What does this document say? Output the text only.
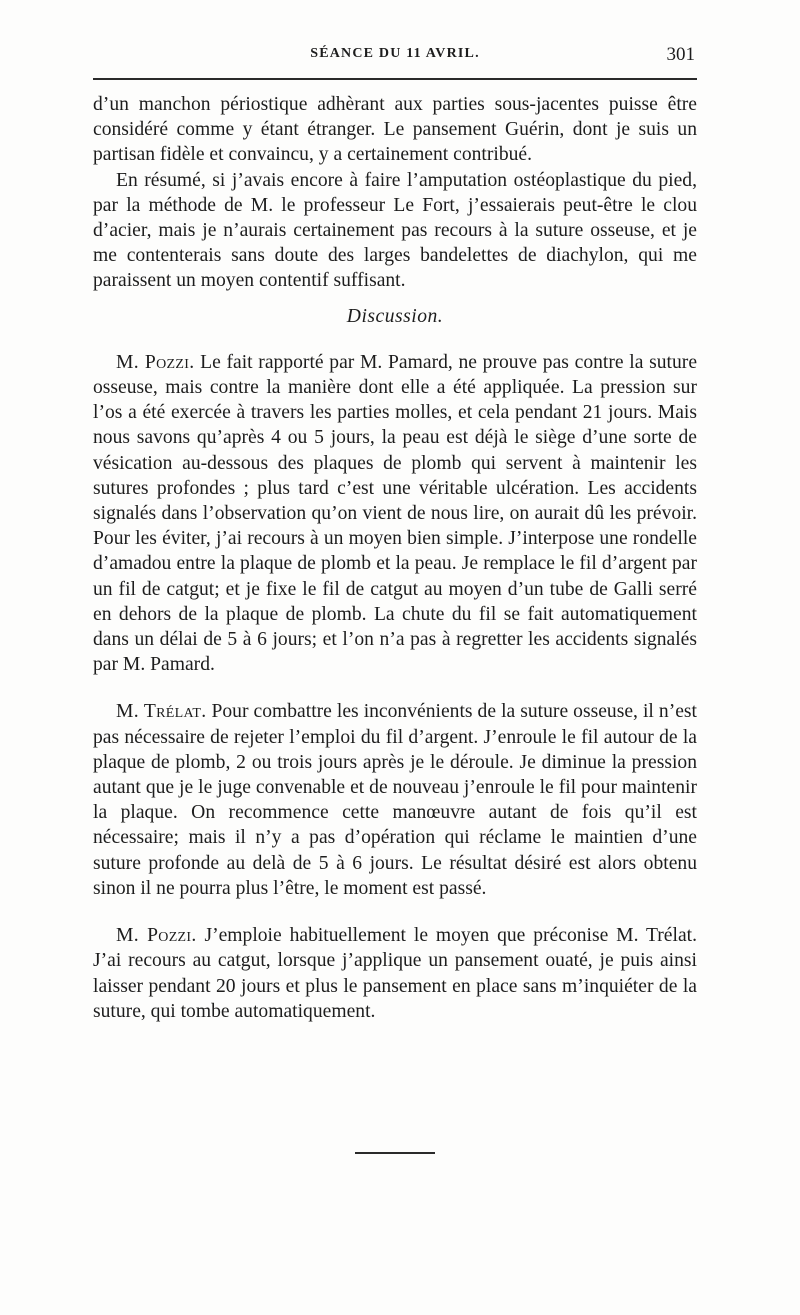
SÉANCE DU 11 AVRIL.	301

d’un manchon périostique adhèrant aux parties sous-jacentes puisse être considéré comme y étant étranger. Le pansement Guérin, dont je suis un partisan fidèle et convaincu, y a certainement contribué.

En résumé, si j’avais encore à faire l’amputation ostéoplastique du pied, par la méthode de M. le professeur Le Fort, j’essaierais peut-être le clou d’acier, mais je n’aurais certainement pas recours à la suture osseuse, et je me contenterais sans doute des larges bandelettes de diachylon, qui me paraissent un moyen contentif suffisant.

Discussion.

M. Pozzi. Le fait rapporté par M. Pamard, ne prouve pas contre la suture osseuse, mais contre la manière dont elle a été appliquée. La pression sur l’os a été exercée à travers les parties molles, et cela pendant 21 jours. Mais nous savons qu’après 4 ou 5 jours, la peau est déjà le siège d’une sorte de vésication au-dessous des plaques de plomb qui servent à maintenir les sutures profondes ; plus tard c’est une véritable ulcération. Les accidents signalés dans l’observation qu’on vient de nous lire, on aurait dû les prévoir. Pour les éviter, j’ai recours à un moyen bien simple. J’interpose une rondelle d’amadou entre la plaque de plomb et la peau. Je remplace le fil d’argent par un fil de catgut; et je fixe le fil de catgut au moyen d’un tube de Galli serré en dehors de la plaque de plomb. La chute du fil se fait automatiquement dans un délai de 5 à 6 jours; et l’on n’a pas à regretter les accidents signalés par M. Pamard.

M. Trélat. Pour combattre les inconvénients de la suture osseuse, il n’est pas nécessaire de rejeter l’emploi du fil d’argent. J’enroule le fil autour de la plaque de plomb, 2 ou trois jours après je le déroule. Je diminue la pression autant que je le juge convenable et de nouveau j’enroule le fil pour maintenir la plaque. On recommence cette manœuvre autant de fois qu’il est nécessaire; mais il n’y a pas d’opération qui réclame le maintien d’une suture profonde au delà de 5 à 6 jours. Le résultat désiré est alors obtenu sinon il ne pourra plus l’être, le moment est passé.

M. Pozzi. J’emploie habituellement le moyen que préconise M. Trélat. J’ai recours au catgut, lorsque j’applique un pansement ouaté, je puis ainsi laisser pendant 20 jours et plus le pansement en place sans m’inquiéter de la suture, qui tombe automatiquement.
